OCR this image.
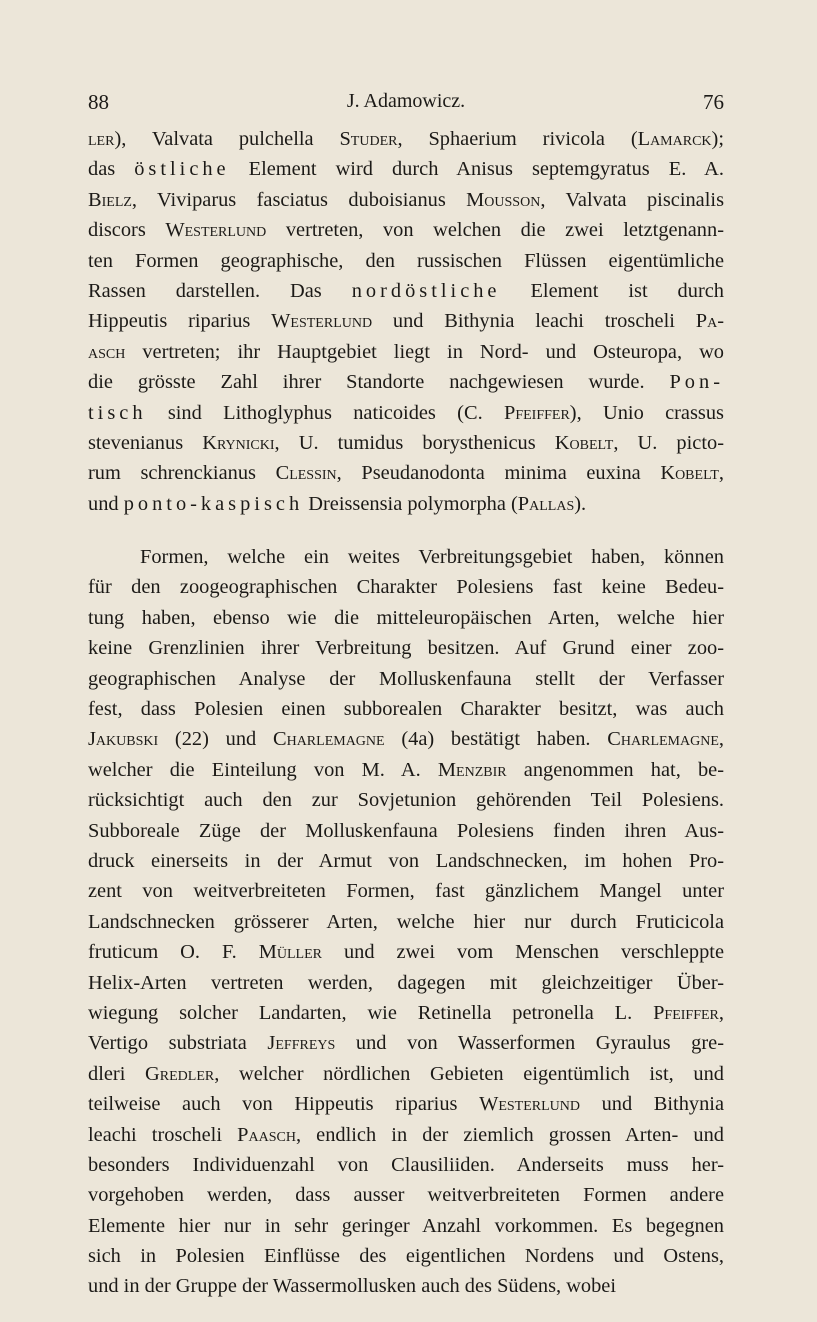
88	J. Adamowicz.	76
ler), Valvata pulchella Studer, Sphaerium rivicola (Lamarck);
das östliche Element wird durch Anisus septemgyratus E. A.
Bielz, Viviparus fasciatus duboisianus Mousson, Valvata piscinalis
discors Westerlund vertreten, von welchen die zwei letztgenann-
ten Formen geographische, den russischen Flüssen eigentümliche
Rassen darstellen. Das nordöstliche Element ist durch
Hippeutis riparius Westerlund und Bithynia leachi troscheli Pa-
asch vertreten; ihr Hauptgebiet liegt in Nord- und Osteuropa, wo
die grösste Zahl ihrer Standorte nachgewiesen wurde. Pon-
tisch sind Lithoglyphus naticoides (C. Pfeiffer), Unio crassus
stevenianus Krynicki, U. tumidus borysthenicus Kobelt, U. picto-
rum schrenckianus Clessin, Pseudanodonta minima euxina Kobelt,
und ponto-kaspisch Dreissensia polymorpha (Pallas).
Formen, welche ein weites Verbreitungsgebiet haben, können
für den zoogeographischen Charakter Polesiens fast keine Bedeu-
tung haben, ebenso wie die mitteleuropäischen Arten, welche hier
keine Grenzlinien ihrer Verbreitung besitzen. Auf Grund einer zoo-
geographischen Analyse der Molluskenfauna stellt der Verfasser
fest, dass Polesien einen subborealen Charakter besitzt, was auch
Jakubski (22) und Charlemagne (4a) bestätigt haben. Charlemagne,
welcher die Einteilung von M. A. Menzbir angenommen hat, be-
rücksichtigt auch den zur Sovjetunion gehörenden Teil Polesiens.
Subboreale Züge der Molluskenfauna Polesiens finden ihren Aus-
druck einerseits in der Armut von Landschnecken, im hohen Pro-
zent von weitverbreiteten Formen, fast gänzlichem Mangel unter
Landschnecken grösserer Arten, welche hier nur durch Fruticicola
fruticum O. F. Müller und zwei vom Menschen verschleppte
Helix-Arten vertreten werden, dagegen mit gleichzeitiger Über-
wiegung solcher Landarten, wie Retinella petronella L. Pfeiffer,
Vertigo substriata Jeffreys und von Wasserformen Gyraulus gre-
dleri Gredler, welcher nördlichen Gebieten eigentümlich ist, und
teilweise auch von Hippeutis riparius Westerlund und Bithynia
leachi troscheli Paasch, endlich in der ziemlich grossen Arten- und
besonders Individuenzahl von Clausiliiden. Anderseits muss her-
vorgehoben werden, dass ausser weitverbreiteten Formen andere
Elemente hier nur in sehr geringer Anzahl vorkommen. Es begegnen
sich in Polesien Einflüsse des eigentlichen Nordens und Ostens,
und in der Gruppe der Wassermollusken auch des Südens, wobei
